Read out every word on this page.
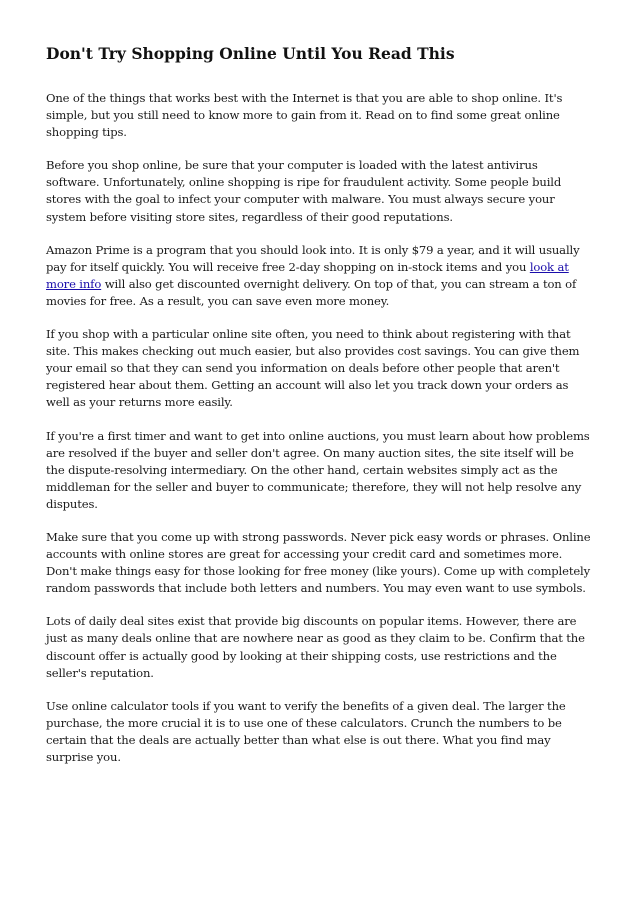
Don't Try Shopping Online Until You Read This

One of the things that works best with the Internet is that you are able to shop online. It's simple, but you still need to know more to gain from it. Read on to find some great online shopping tips.

Before you shop online, be sure that your computer is loaded with the latest antivirus software. Unfortunately, online shopping is ripe for fraudulent activity. Some people build stores with the goal to infect your computer with malware. You must always secure your system before visiting store sites, regardless of their good reputations.

Amazon Prime is a program that you should look into. It is only $79 a year, and it will usually pay for itself quickly. You will receive free 2-day shopping on in-stock items and you look at more info will also get discounted overnight delivery. On top of that, you can stream a ton of movies for free. As a result, you can save even more money.

If you shop with a particular online site often, you need to think about registering with that site. This makes checking out much easier, but also provides cost savings. You can give them your email so that they can send you information on deals before other people that aren't registered hear about them. Getting an account will also let you track down your orders as well as your returns more easily.

If you're a first timer and want to get into online auctions, you must learn about how problems are resolved if the buyer and seller don't agree. On many auction sites, the site itself will be the dispute-resolving intermediary. On the other hand, certain websites simply act as the middleman for the seller and buyer to communicate; therefore, they will not help resolve any disputes.

Make sure that you come up with strong passwords. Never pick easy words or phrases. Online accounts with online stores are great for accessing your credit card and sometimes more. Don't make things easy for those looking for free money (like yours). Come up with completely random passwords that include both letters and numbers. You may even want to use symbols.

Lots of daily deal sites exist that provide big discounts on popular items. However, there are just as many deals online that are nowhere near as good as they claim to be. Confirm that the discount offer is actually good by looking at their shipping costs, use restrictions and the seller's reputation.

Use online calculator tools if you want to verify the benefits of a given deal. The larger the purchase, the more crucial it is to use one of these calculators. Crunch the numbers to be certain that the deals are actually better than what else is out there. What you find may surprise you.
